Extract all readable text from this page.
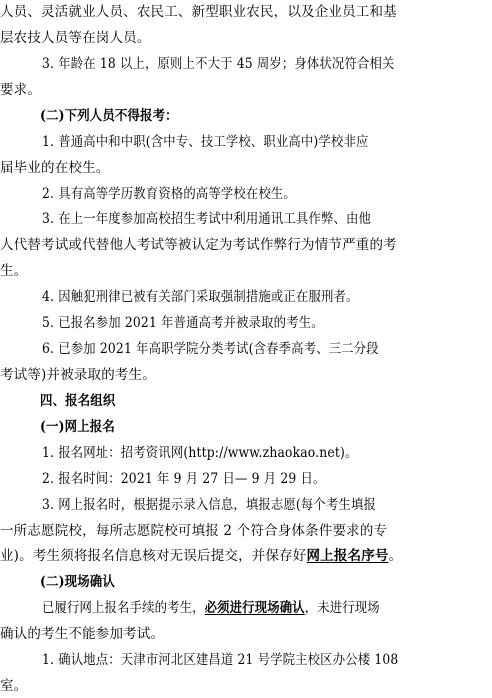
人员、灵活就业人员、农民工、新型职业农民，以及企业员工和基
层农技人员等在岗人员。
3. 年龄在 18 以上，原则上不大于 45 周岁；身体状况符合相关
要求。
(二)下列人员不得报考：
1. 普通高中和中职(含中专、技工学校、职业高中)学校非应
届毕业的在校生。
2. 具有高等学历教育资格的高等学校在校生。
3. 在上一年度参加高校招生考试中利用通讯工具作弊、由他
人代替考试或代替他人考试等被认定为考试作弊行为情节严重的考
生。
4. 因触犯刑律已被有关部门采取强制措施或正在服刑者。
5. 已报名参加 2021 年普通高考并被录取的考生。
6. 已参加 2021 年高职学院分类考试(含春季高考、三二分段
考试等)并被录取的考生。
四、报名组织
(一)网上报名
1. 报名网址：招考资讯网(http://www.zhaokao.net)。
2. 报名时间：2021 年 9 月 27 日— 9 月 29 日。
3. 网上报名时，根据提示录入信息，填报志愿(每个考生填报
一所志愿院校，每所志愿院校可填报 2 个符合身体条件要求的专
业)。考生须将报名信息核对无误后提交，并保存好网上报名序号。
(二)现场确认
已履行网上报名手续的考生，必须进行现场确认，未进行现场
确认的考生不能参加考试。
1. 确认地点：天津市河北区建昌道 21 号学院主校区办公楼 108
室。
